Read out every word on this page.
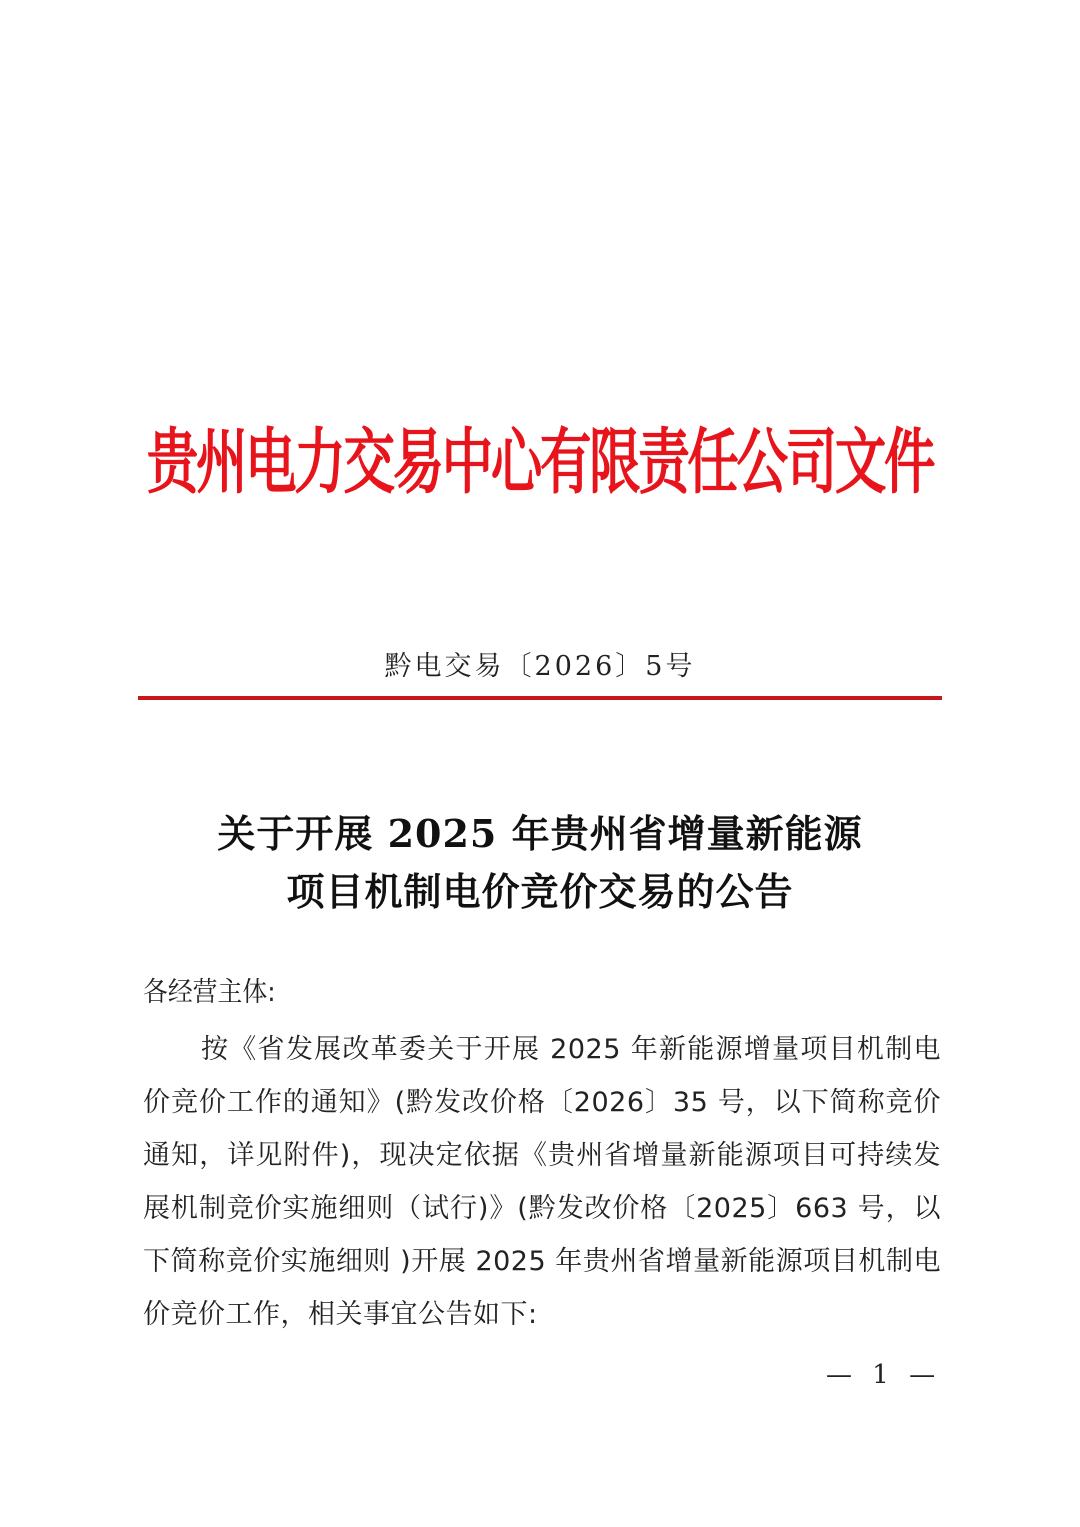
贵州电力交易中心有限责任公司文件
黔电交易〔2026〕5号
关于开展 2025 年贵州省增量新能源
项目机制电价竞价交易的公告
各经营主体:
按《省发展改革委关于开展 2025 年新能源增量项目机制电
价竞价工作的通知》(黔发改价格〔2026〕35 号，以下简称竞价
通知，详见附件)，现决定依据《贵州省增量新能源项目可持续发
展机制竞价实施细则（试行)》(黔发改价格〔2025〕663 号，以
下简称竞价实施细则 )开展 2025 年贵州省增量新能源项目机制电
价竞价工作，相关事宜公告如下:
— 1 —
